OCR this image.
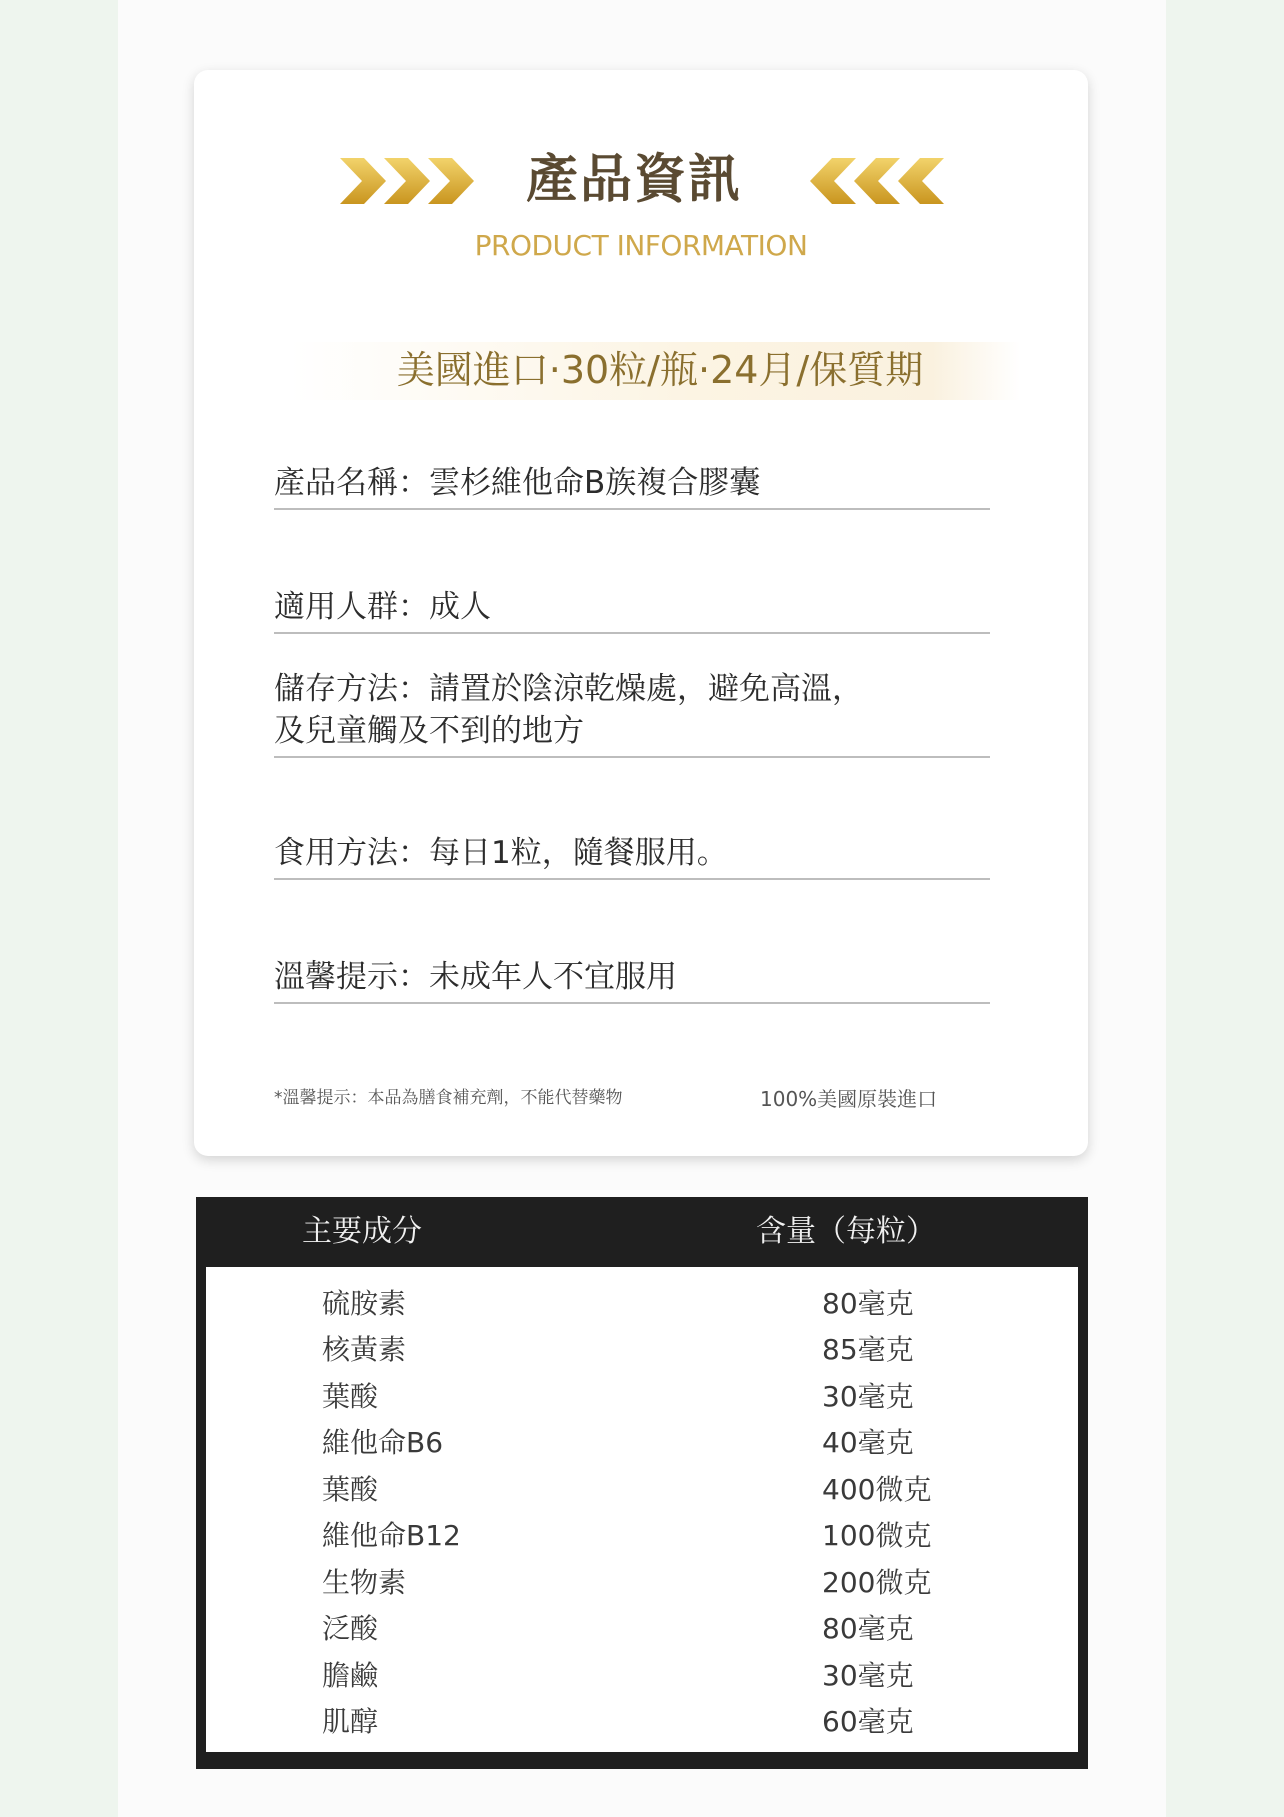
產品資訊
PRODUCT INFORMATION
美國進口·30粒/瓶·24月/保質期
產品名稱：雲杉維他命B族複合膠囊
適用人群：成人
儲存方法：請置於陰涼乾燥處，避免高溫，及兒童觸及不到的地方
食用方法：每日1粒，隨餐服用。
溫馨提示：未成年人不宜服用
*溫馨提示：本品為膳食補充劑，不能代替藥物	100%美國原裝進口
主要成分	含量（每粒）
硫胺素	80毫克
核黃素	85毫克
葉酸	30毫克
維他命B6	40毫克
葉酸	400微克
維他命B12	100微克
生物素	200微克
泛酸	80毫克
膽鹼	30毫克
肌醇	60毫克
